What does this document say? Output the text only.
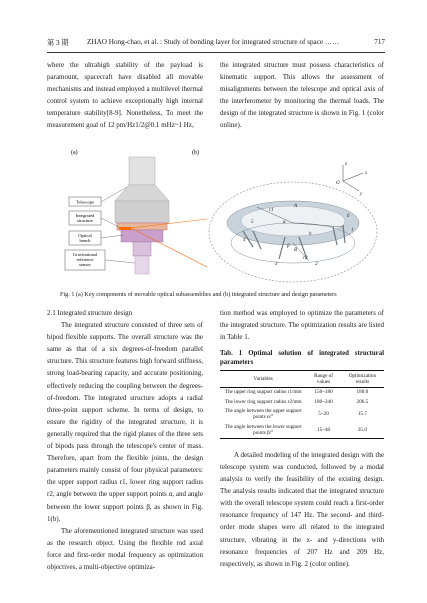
第 3 期	ZHAO Hong-chao, et al. : Study of bonding layer for integrated structure of space ……	717

where the ultrahigh stability of the payload is paramount, spacecraft have disabled all movable mechanisms and instead employed a multilevel thermal control system to achieve exceptionally high internal temperature stability[8-9]. Nonetheless, To meet the measurement goal of 12 pm/Hz1/2@0.1 mHz~1 Hz,

the integrated structure must possess characteristics of kinematic support. This allows the assessment of misalignments between the telescope and optical axis of the interferometer by monitoring the thermal loads. The design of the integrated structure is shown in Fig. 1 (color online).

(a)	(b)
Telescope
Integrated structure
Optical bench
Gravitational reference sensor
x
y
O
z
A
B
r1
r2
α
β
h
1
2
3
4
5
6
Fig. 1 (a) Key components of movable optical subassemblies and (b) integrated structure and design parameters

2.1 Integrated structure design

The integrated structure consisted of three sets of bipod flexible supports. The overall structure was the same as that of a six degrees-of-freedom parallel structure. This structure features high forward stiffness, strong load-bearing capacity, and accurate positioning, effectively reducing the coupling between the degrees-of-freedom. The integrated structure adopts a radial three-point support scheme. In terms of design, to ensure the rigidity of the integrated structure, it is generally required that the rigid planes of the three sets of bipods pass through the telescope's center of mass. Therefore, apart from the flexible joints, the design parameters mainly consist of four physical parameters: the upper support radius r1, lower ring support radius r2, angle between the upper support points α, and angle between the lower support points β, as shown in Fig. 1(b).

The aforementioned integrated structure was used as the research object. Using the flexible rod axial force and first-order modal frequency as optimization objectives, a multi-objective optimiza-

tion method was employed to optimize the parameters of the integrated structure. The optimization results are listed in Table 1.

Tab. 1 Optimal solution of integrated structural parameters

Variables	Range of values	Optimization results
The upper ring support radius r1/mm	150~180	180.0
The lower ring support radius r2/mm	180~240	206.5
The angle between the upper support points α/°	5~20	15.7
The angle between the lower support points β/°	15~40	35.0

A detailed modeling of the integrated design with the telescope system was conducted, followed by a modal analysis to verify the feasibility of the existing design. The analysis results indicated that the integrated structure with the overall telescope system could reach a first-order resonance frequency of 147 Hz. The second- and third-order mode shapes were all related to the integrated structure, vibrating in the x- and y-directions with resonance frequencies of 207 Hz and 209 Hz, respectively, as shown in Fig. 2 (color online).
